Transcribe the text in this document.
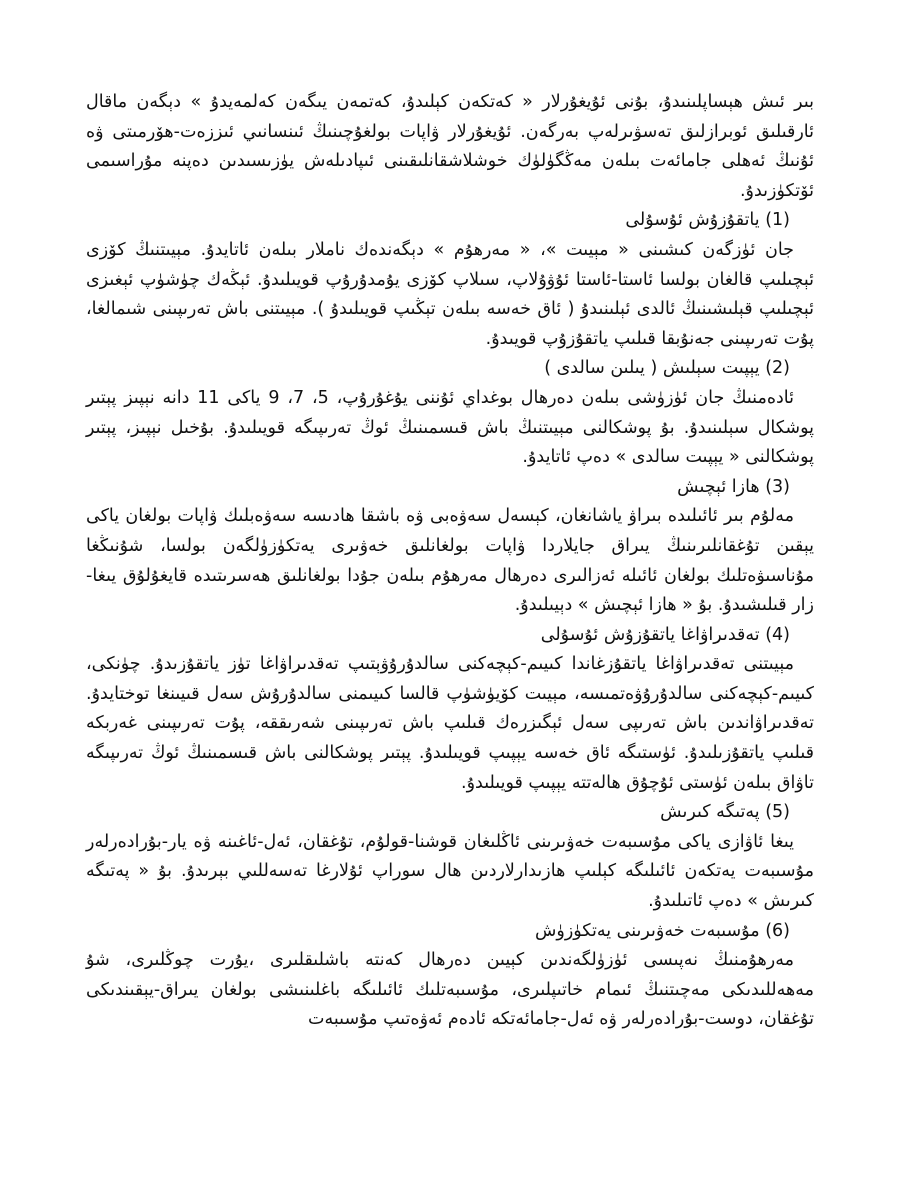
بىر ئىش ھېساپلىنىدۇ، بۇنى ئۇيغۇرلار « كەتكەن كېلىدۇ، كەتمەن يىگەن كەلمەيدۇ » دېگەن ماقال ئارقىلىق ئوبرازلىق تەسۋىرلەپ بەرگەن. ئۇيغۇرلار ۋاپات بولغۇچىنىڭ ئىنسانىي ئىززەت-ھۆرمىتى ۋە ئۇنىڭ ئەھلى جامائەت بىلەن مەڭگۈلۈك خوشلاشقانلىقىنى ئىپادىلەش يۈزىسىدىن دەپنە مۇراسىمى ئۆتكۈزىدۇ.

(1) ياتقۇزۇش ئۇسۇلى

جان ئۈزگەن كىشىنى « مېيىت »، « مەرھۇم » دېگەندەك ناملار بىلەن ئاتايدۇ. مېيىتنىڭ كۆزى ئېچىلىپ قالغان بولسا ئاستا-ئاستا ئۇۋۇلاپ، سىلاپ كۆزى يۇمدۇرۇپ قويىلىدۇ. ئېڭەك چۈشۈپ ئېغىزى ئېچىلىپ قېلىشىنىڭ ئالدى ئېلىنىدۇ ( ئاق خەسە بىلەن تېڭىپ قويىلىدۇ ). مېيىتنى باش تەرىپىنى شىمالغا، پۇت تەرىپىنى جەنۇبقا قىلىپ ياتقۇزۇپ قويىدۇ.

(2) يېپىت سېلىش ( يىلىن سالدى )

ئادەمنىڭ جان ئۈزۈشى بىلەن دەرھال بوغداي ئۇننى يۇغۇرۇپ، 5، 7، 9 ياكى 11 دانە نېپىز پېتىر پوشكال سېلىنىدۇ. بۇ پوشكالنى مېيىتنىڭ باش قىسمىنىڭ ئوڭ تەرىپىگە قويىلىدۇ. بۇخىل نېپىز، پېتىر پوشكالنى « يېپىت سالدى » دەپ ئاتايدۇ.

(3) ھازا ئېچىش

مەلۇم بىر ئائىلىدە بىراۋ ياشانغان، كېسەل سەۋەبى ۋە باشقا ھادىسە سەۋەبلىك ۋاپات بولغان ياكى يېقىن تۇغقانلىرىنىڭ يىراق جايلاردا ۋاپات بولغانلىق خەۋىرى يەتكۈزۈلگەن بولسا، شۇنىڭغا مۇناسىۋەتلىك بولغان ئائىلە ئەزالىرى دەرھال مەرھۇم بىلەن جۇدا بولغانلىق ھەسرىتىدە قايغۇلۇق يىغا-زار قىلىشىدۇ. بۇ « ھازا ئېچىش » دېيىلىدۇ.

(4) تەقدىراۋاغا ياتقۇزۇش ئۇسۇلى

مېيىتنى تەقدىراۋاغا ياتقۇزغاندا كىيىم-كېچەكنى سالدۇرۇۋېتىپ تەقدىراۋاغا تۈز ياتقۇزىدۇ. چۈنكى، كىيىم-كېچەكنى سالدۇرۇۋەتمىسە، مېيىت كۆيۈشۈپ قالسا كىيىمنى سالدۇرۇش سەل قىيىنغا توختايدۇ. تەقدىراۋاندىن باش تەرىپى سەل ئېگىزرەك قىلىپ باش تەرىپىنى شەرىققە، پۇت تەرىپىنى غەربكە قىلىپ ياتقۇزىلىدۇ. ئۈستىگە ئاق خەسە يېپىپ قويىلىدۇ. پېتىر پوشكالنى باش قىسمىنىڭ ئوڭ تەرىپىگە تاۋاق بىلەن ئۈستى ئۇچۇق ھالەتتە يېپىپ قويىلىدۇ.

(5) پەتىگە كىرىش

يىغا ئاۋازى ياكى مۇسىبەت خەۋىرىنى ئاڭلىغان قوشنا-قولۇم، تۇغقان، ئەل-ئاغىنە ۋە يار-بۇرادەرلەر مۇسىبەت يەتكەن ئائىلىگە كېلىپ ھازىدارلاردىن ھال سوراپ ئۇلارغا تەسەللىي بېرىدۇ. بۇ « پەتىگە كىرىش » دەپ ئاتىلىدۇ.

(6) مۇسىبەت خەۋىرىنى يەتكۈزۈش

مەرھۇمنىڭ نەپىسى ئۈزۈلگەندىن كېيىن دەرھال كەنتە باشلىقلىرى ،يۇرت چوڭلىرى، شۇ مەھەللىدىكى مەچىتنىڭ ئىمام خاتىپلىرى، مۇسىبەتلىك ئائىلىگە باغلىنىشى بولغان يىراق-يېقىندىكى تۇغقان، دوست-بۇرادەرلەر ۋە ئەل-جامائەتكە ئادەم ئەۋەتىپ مۇسىبەت
